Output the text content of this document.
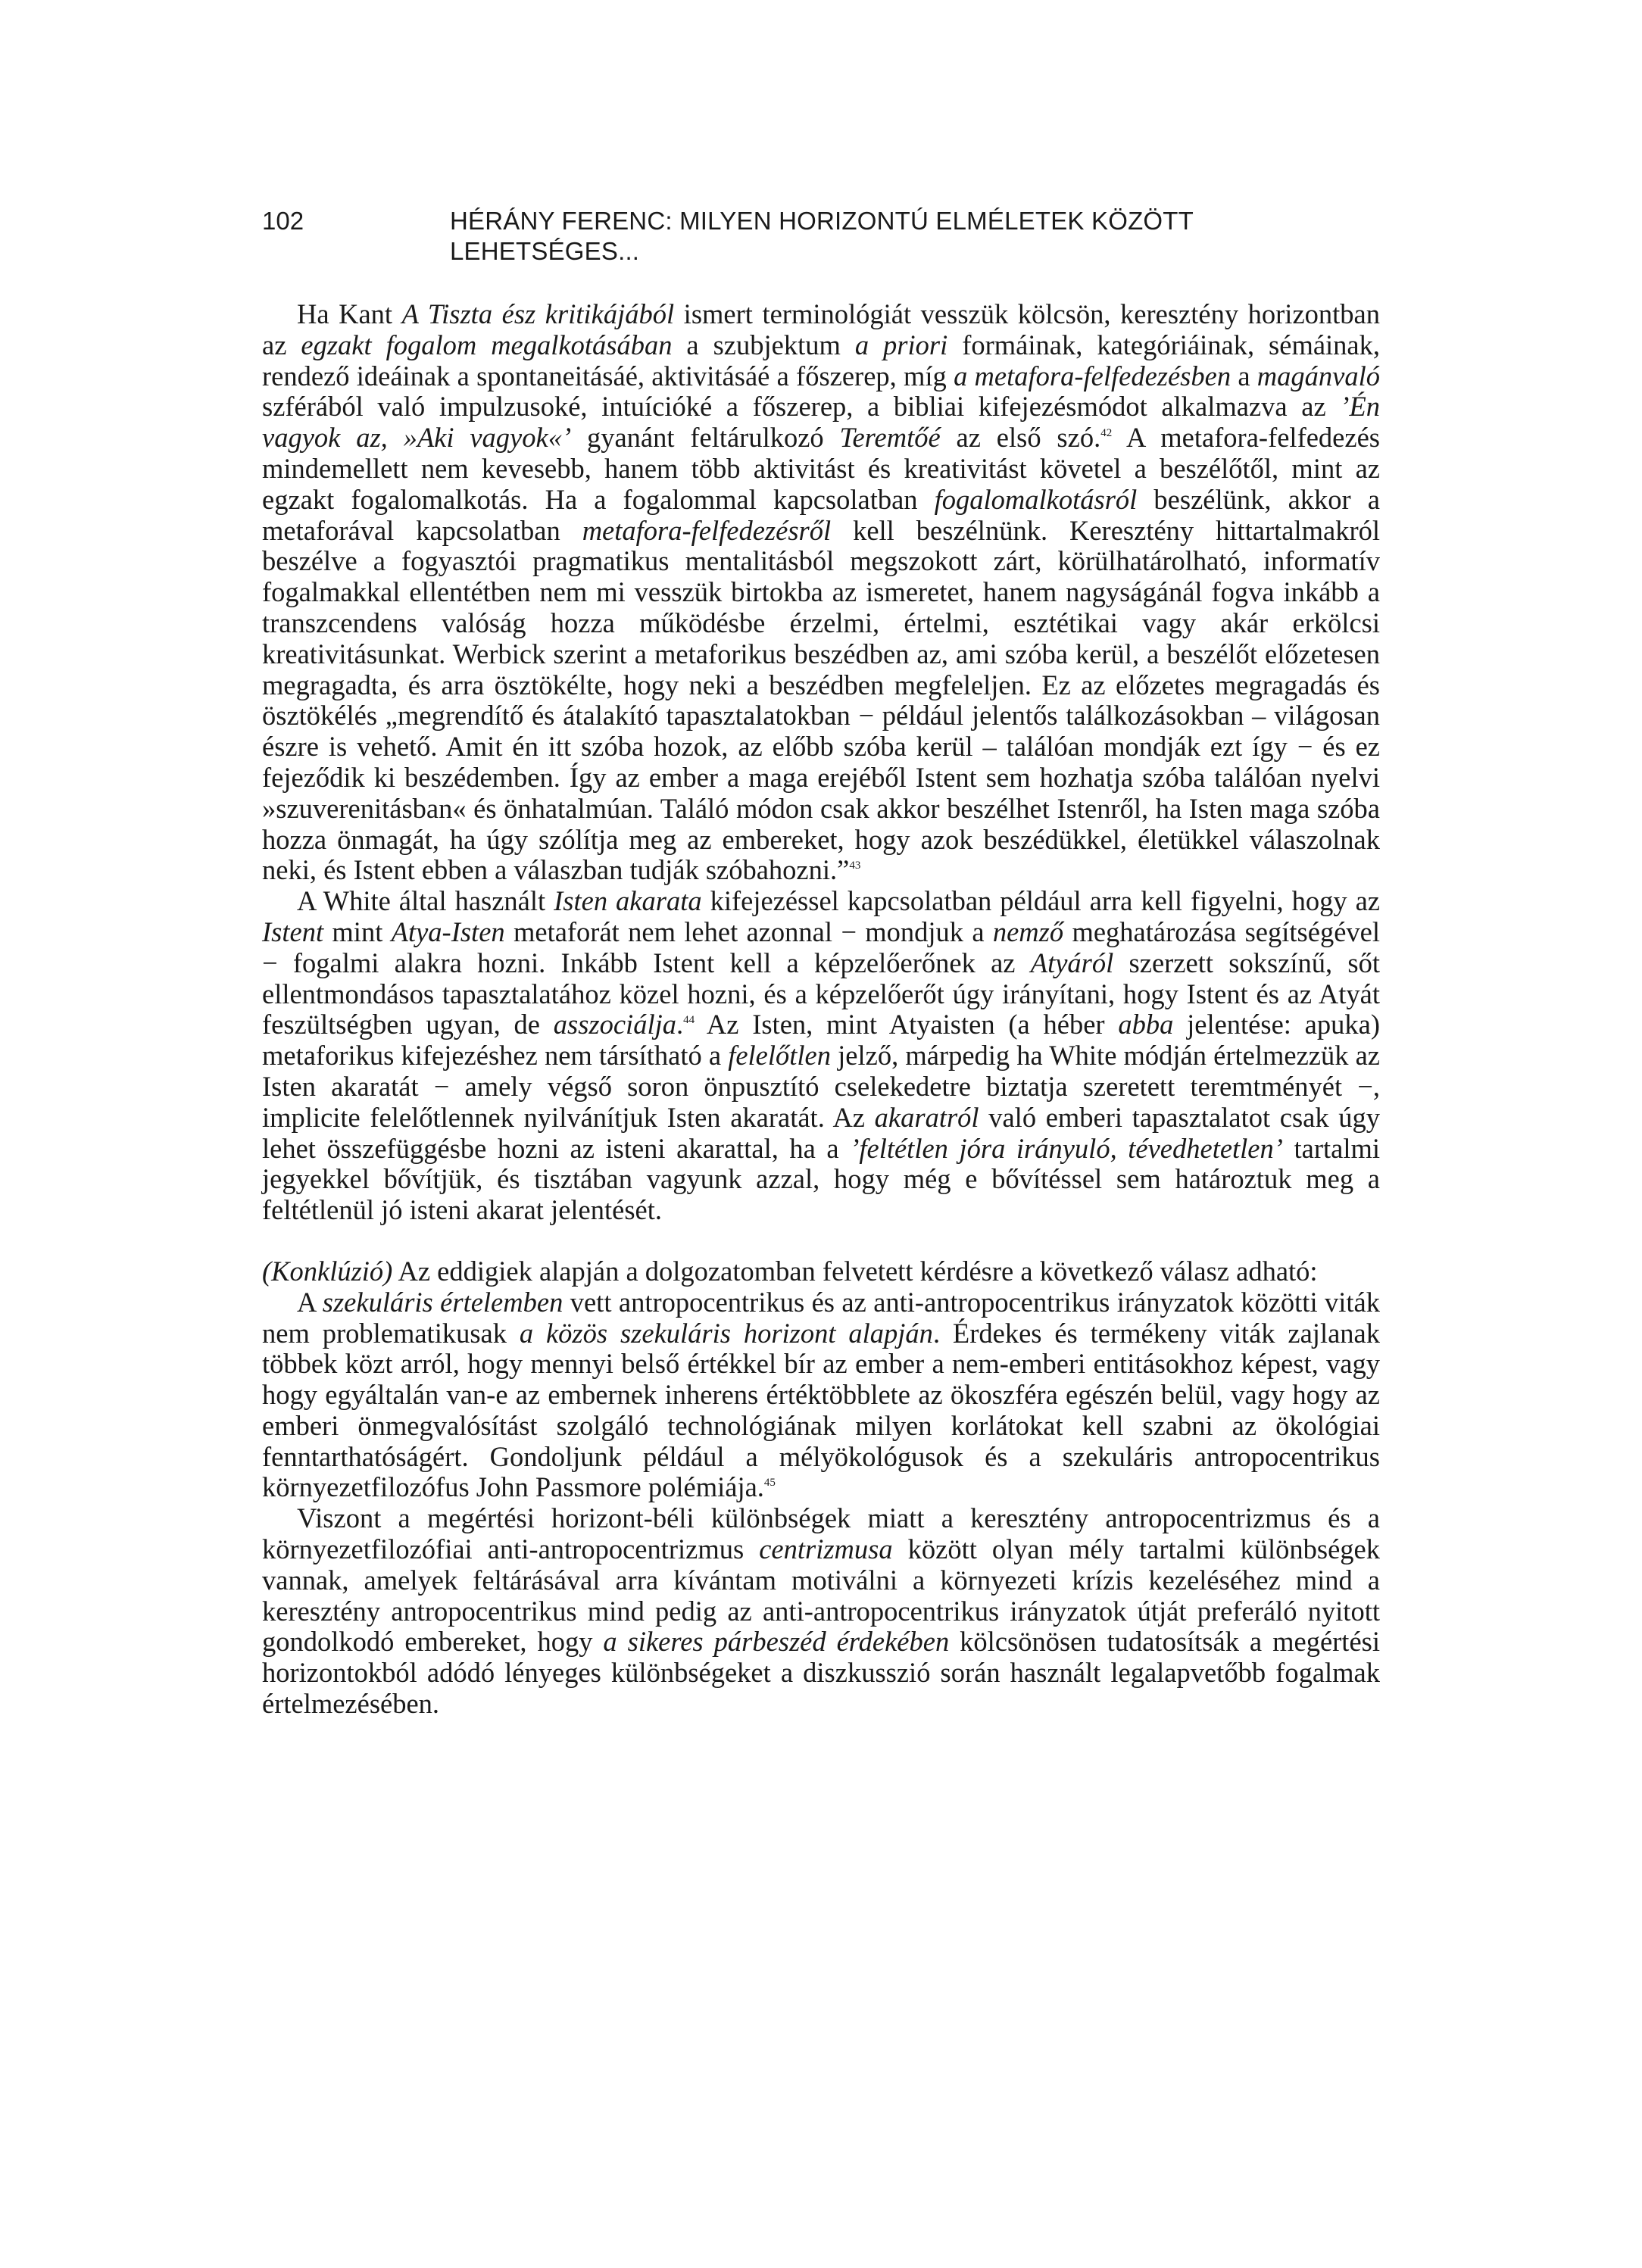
102	HÉRÁNY FERENC: MILYEN HORIZONTÚ ELMÉLETEK KÖZÖTT LEHETSÉGES...

Ha Kant A Tiszta ész kritikájából ismert terminológiát vesszük kölcsön, keresztény horizontban az egzakt fogalom megalkotásában a szubjektum a priori formáinak, kategóriáinak, sémáinak, rendező ideáinak a spontaneitásáé, aktivitásáé a főszerep, míg a metafora-felfedezésben a magánvaló szférából való impulzusoké, intuícióké a főszerep, a bibliai kifejezésmódot alkalmazva az ’Én vagyok az, »Aki vagyok«’ gyanánt feltárulkozó Teremtőé az első szó.$^{42}$ A metafora-felfedezés mindemellett nem kevesebb, hanem több aktivitást és kreativitást követel a beszélőtől, mint az egzakt fogalomalkotás. Ha a fogalommal kapcsolatban fogalomalkotásról beszélünk, akkor a metaforával kapcsolatban metafora-felfedezésről kell beszélnünk. Keresztény hittartalmakról beszélve a fogyasztói pragmatikus mentalitásból megszokott zárt, körülhatárolható, informatív fogalmakkal ellentétben nem mi vesszük birtokba az ismeretet, hanem nagyságánál fogva inkább a transzcendens valóság hozza működésbe érzelmi, értelmi, esztétikai vagy akár erkölcsi kreativitásunkat. Werbick szerint a metaforikus beszédben az, ami szóba kerül, a beszélőt előzetesen megragadta, és arra ösztökélte, hogy neki a beszédben megfeleljen. Ez az előzetes megragadás és ösztökélés „megrendítő és átalakító tapasztalatokban − például jelentős találkozásokban – világosan észre is vehető. Amit én itt szóba hozok, az előbb szóba kerül – találóan mondják ezt így − és ez fejeződik ki beszédemben. Így az ember a maga erejéből Istent sem hozhatja szóba találóan nyelvi »szuverenitásban« és önhatalmúan. Találó módon csak akkor beszélhet Istenről, ha Isten maga szóba hozza önmagát, ha úgy szólítja meg az embereket, hogy azok beszédükkel, életükkel válaszolnak neki, és Istent ebben a válaszban tudják szóbahozni.”$^{43}$

A White által használt Isten akarata kifejezéssel kapcsolatban például arra kell figyelni, hogy az Istent mint Atya-Isten metaforát nem lehet azonnal − mondjuk a nemző meghatározása segítségével − fogalmi alakra hozni. Inkább Istent kell a képzelőerőnek az Atyáról szerzett sokszínű, sőt ellentmondásos tapasztalatához közel hozni, és a képzelőerőt úgy irányítani, hogy Istent és az Atyát feszültségben ugyan, de asszociálja.$^{44}$ Az Isten, mint Atyaisten (a héber abba jelentése: apuka) metaforikus kifejezéshez nem társítható a felelőtlen jelző, márpedig ha White módján értelmezzük az Isten akaratát − amely végső soron önpusztító cselekedetre biztatja szeretett teremtményét −, implicite felelőtlennek nyilvánítjuk Isten akaratát. Az akaratról való emberi tapasztalatot csak úgy lehet összefüggésbe hozni az isteni akarattal, ha a ’feltétlen jóra irányuló, tévedhetetlen’ tartalmi jegyekkel bővítjük, és tisztában vagyunk azzal, hogy még e bővítéssel sem határoztuk meg a feltétlenül jó isteni akarat jelentését.

(Konklúzió) Az eddigiek alapján a dolgozatomban felvetett kérdésre a következő válasz adható:

A szekuláris értelemben vett antropocentrikus és az anti-antropocentrikus irányzatok közötti viták nem problematikusak a közös szekuláris horizont alapján. Érdekes és termékeny viták zajlanak többek közt arról, hogy mennyi belső értékkel bír az ember a nem-emberi entitásokhoz képest, vagy hogy egyáltalán van-e az embernek inherens értéktöbblete az ökoszféra egészén belül, vagy hogy az emberi önmegvalósítást szolgáló technológiának milyen korlátokat kell szabni az ökológiai fenntarthatóságért. Gondoljunk például a mélyökológusok és a szekuláris antropocentrikus környezetfilozófus John Passmore polémiája.$^{45}$

Viszont a megértési horizont-béli különbségek miatt a keresztény antropocentrizmus és a környezetfilozófiai anti-antropocentrizmus centrizmusa között olyan mély tartalmi különbségek vannak, amelyek feltárásával arra kívántam motiválni a környezeti krízis kezeléséhez mind a keresztény antropocentrikus mind pedig az anti-antropocentrikus irányzatok útját preferáló nyitott gondolkodó embereket, hogy a sikeres párbeszéd érdekében kölcsönösen tudatosítsák a megértési horizontokból adódó lényeges különbségeket a diszkusszió során használt legalapvetőbb fogalmak értelmezésében.
